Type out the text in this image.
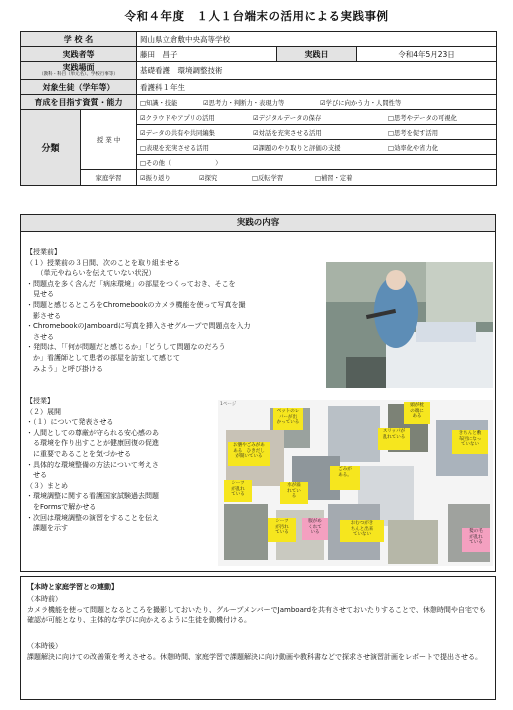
令和４年度　１人１台端末の活用による実践事例
学 校 名		岡山県立倉敷中央高等学校		
実践者等		藤田　昌子	実践日	令和4年5月23日

実践場面
（教科・科目（単元名）、学校行事等）		基礎看護　環境調整技術		
対象生徒（学年等）		看護科１年生		
育成を目指す資質・能力		□知識・技能 ☑思考力・判断力・表現力等 ☑学びに向かう力・人間性等		
分類	授 業 中	☑クラウドやアプリの活用 ☑デジタルデータの保存 □思考やデータの可視化		
		☑データの共有や共同編集 ☑対話を充実させる活用 □思考を促す活用		
		□表現を充実させる活用 ☑課題のやり取りと評価の支援 □効率化や省力化		
		□その他（　　　　　　　）		
	家庭学習	☑振り返り ☑探究 □反転学習 □補習・定着		
実践の内容
【授業前】
（１）授業前の３日間、次のことを取り組ませる
　　（単元やねらいを伝えていない状況）
・問題点を多く含んだ「病床環境」の部屋をつくっておき、そこを
　見せる
・問題と感じるところをChromebookのカメラ機能を使って写真を撮
　影させる
・ChromebookのJamboardに写真を挿入させグループで問題点を入力
　させる
・発問は、「「何が問題だと感じるか」「どうして問題なのだろう
　か」看護師として患者の部屋を訪室して感じて
　みよう」と呼び掛ける
【授業】
（２）展開
・（１）について発表させる
・人間としての尊厳が守られる安心感のあ
　る環境を作り出すことが健康回復の促進
　に重要であることを気づかせる
・具体的な環境整備の方法について考えさ
　せる
（３）まとめ
・環境調整に関する看護国家試験過去問題
　をFormsで解かせる
・次回は環境調整の演習をすることを伝え
　課題を示す
1ページ
ベットのレ
バーが出
かっている
頭が枕
の端に
ある
スリッパが
乱れている
きちんと敷
布団になっ
ていない
お膳やごみがあ
ある　ひきだし
が開いている
ごみが
ある。
シーツ
が乱れ
ている
水が溢
れてい
る
シーツ
が汚れ
ている
服がめ
くれて
いる
おむつがき
ちんと出来
ていない
髪の毛
が乱れ
ている
【本時と家庭学習との連動】
（本時前）
カメラ機能を使って問題となるところを撮影しておいたり、グループメンバーでJamboardを共有させておいたりすることで、休憩時間や自宅でも確認が可能となり、主体的な学びに向かえるように生徒を動機付ける。
（本時後）
課題解決に向けての改善策を考えさせる。休憩時間、家庭学習で課題解決に向け動画や教科書などで探求させ演習計画をレポートで提出させる。
